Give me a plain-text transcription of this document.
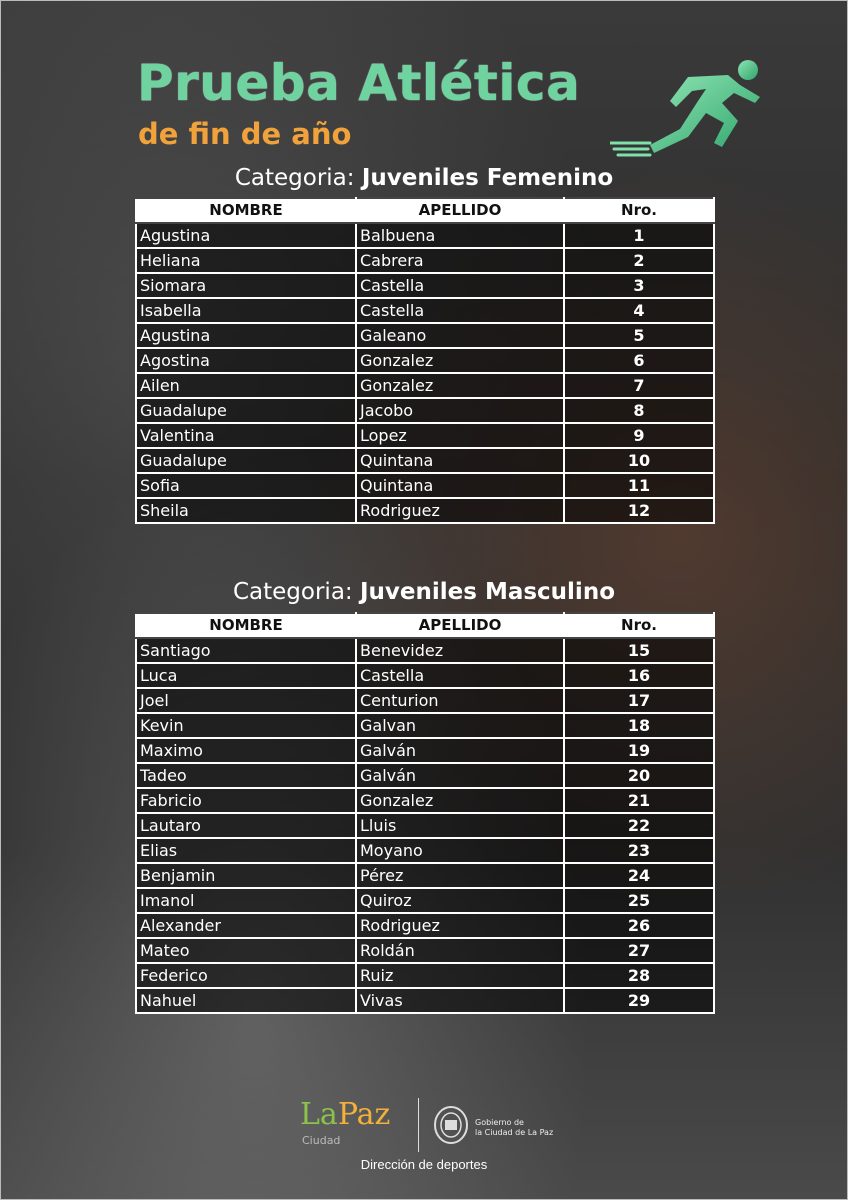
Prueba Atlética
de fin de año
Categoria: Juveniles Femenino
NOMBRE	APELLIDO	Nro.
Agustina	Balbuena	1
Heliana	Cabrera	2
Siomara	Castella	3
Isabella	Castella	4
Agustina	Galeano	5
Agostina	Gonzalez	6
Ailen	Gonzalez	7
Guadalupe	Jacobo	8
Valentina	Lopez	9
Guadalupe	Quintana	10
Sofia	Quintana	11
Sheila	Rodriguez	12
Categoria: Juveniles Masculino
NOMBRE	APELLIDO	Nro.
Santiago	Benevidez	15
Luca	Castella	16
Joel	Centurion	17
Kevin	Galvan	18
Maximo	Galván	19
Tadeo	Galván	20
Fabricio	Gonzalez	21
Lautaro	Lluis	22
Elias	Moyano	23
Benjamin	Pérez	24
Imanol	Quiroz	25
Alexander	Rodriguez	26
Mateo	Roldán	27
Federico	Ruiz	28
Nahuel	Vivas	29
LaPaz
Ciudad
Gobierno de
la Ciudad de La Paz
Dirección de deportes
